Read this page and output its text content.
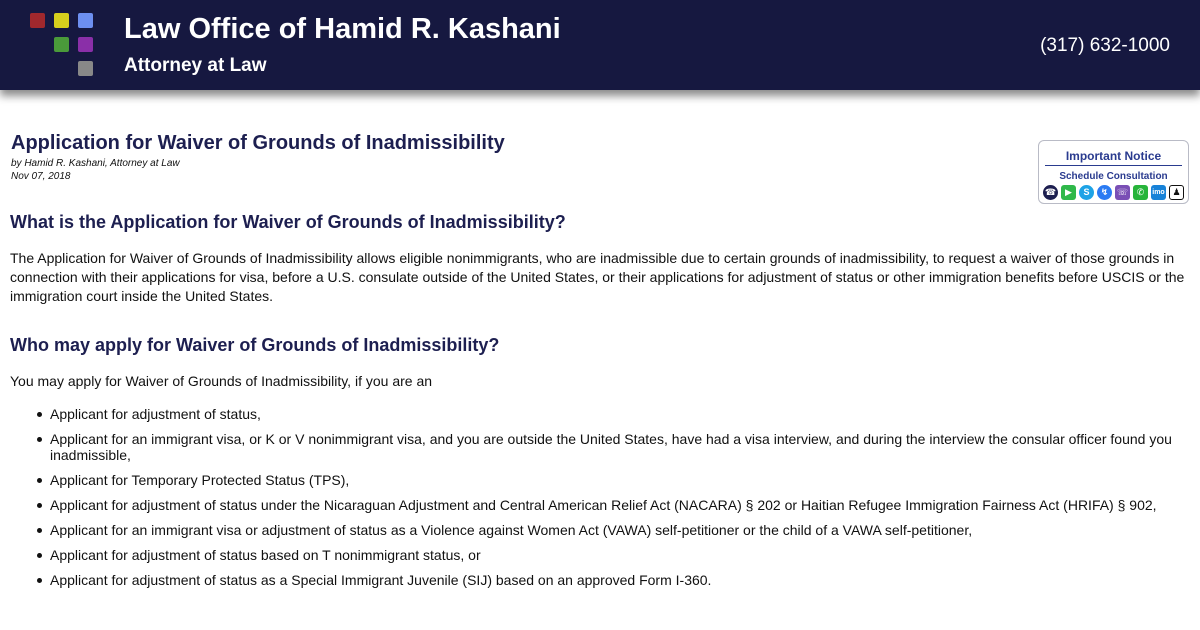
Law Office of Hamid R. Kashani
Attorney at Law
(317) 632-1000
Application for Waiver of Grounds of Inadmissibility
by Hamid R. Kashani, Attorney at Law
Nov 07, 2018
Important Notice
Schedule Consultation
☎ ▶	S	↯ ☏ ✆	imo ♟
What is the Application for Waiver of Grounds of Inadmissibility?

The Application for Waiver of Grounds of Inadmissibility allows eligible nonimmigrants, who are inadmissible due to certain grounds of inadmissibility, to request a waiver of those grounds in connection with their applications for visa, before a U.S. consulate outside of the United States, or their applications for adjustment of status or other immigration benefits before USCIS or the immigration court inside the United States.

Who may apply for Waiver of Grounds of Inadmissibility?

You may apply for Waiver of Grounds of Inadmissibility, if you are an

Applicant for adjustment of status,
Applicant for an immigrant visa, or K or V nonimmigrant visa, and you are outside the United States, have had a visa interview, and during the interview the consular officer found you inadmissible,
Applicant for Temporary Protected Status (TPS),
Applicant for adjustment of status under the Nicaraguan Adjustment and Central American Relief Act (NACARA) § 202 or Haitian Refugee Immigration Fairness Act (HRIFA) § 902,
Applicant for an immigrant visa or adjustment of status as a Violence against Women Act (VAWA) self-petitioner or the child of a VAWA self-petitioner,
Applicant for adjustment of status based on T nonimmigrant status, or
Applicant for adjustment of status as a Special Immigrant Juvenile (SIJ) based on an approved Form I-360.
